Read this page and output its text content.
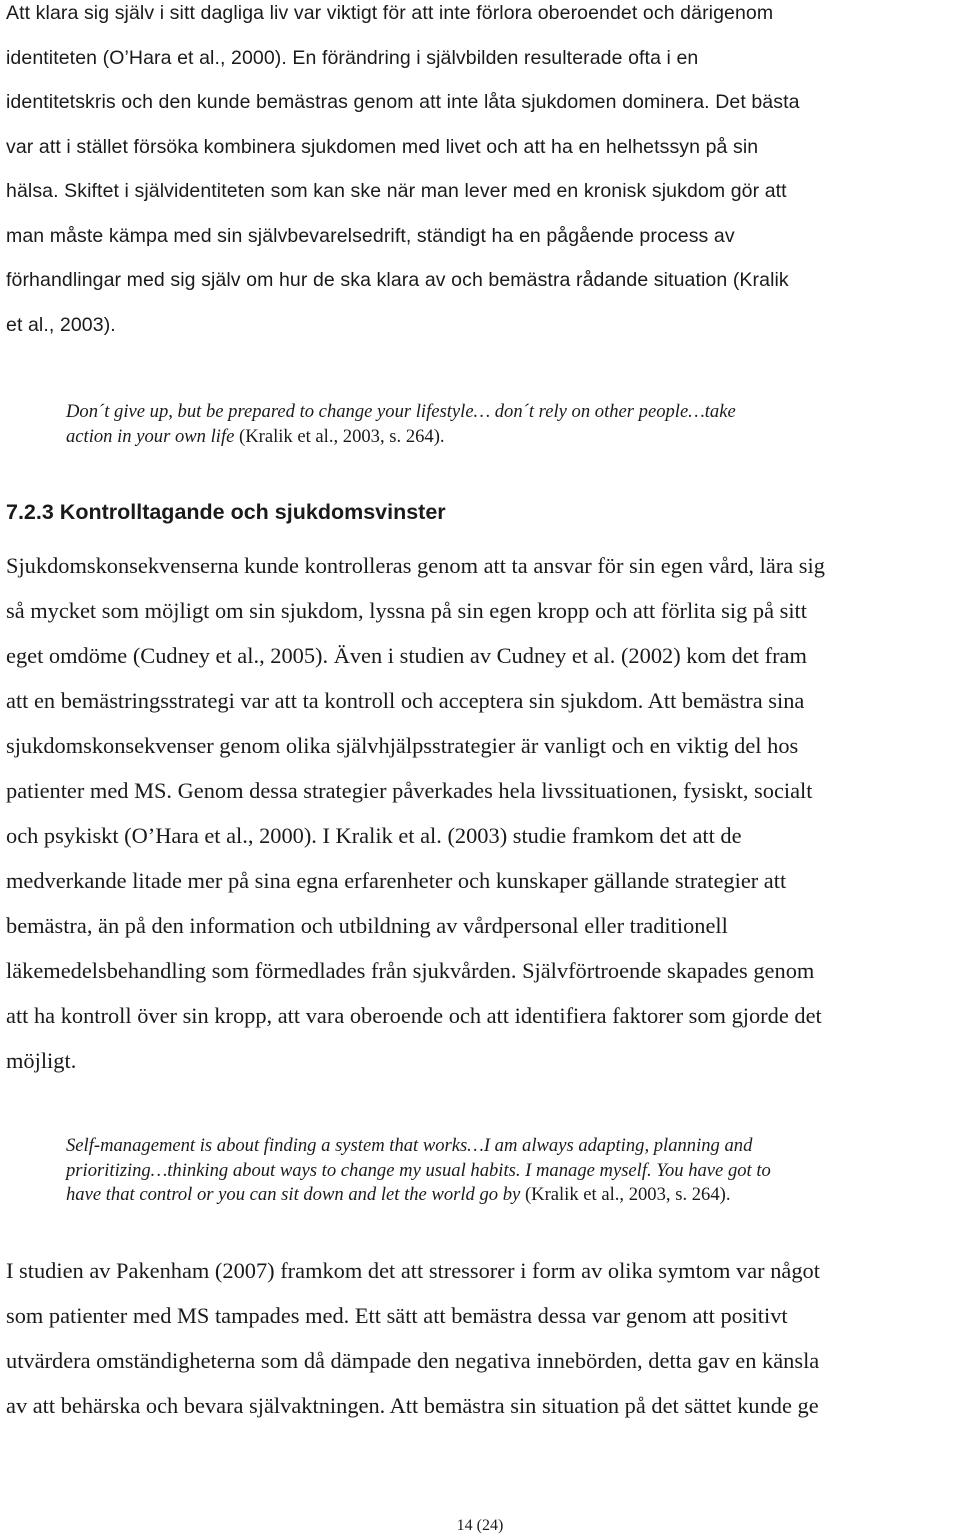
Att klara sig själv i sitt dagliga liv var viktigt för att inte förlora oberoendet och därigenom
identiteten (O’Hara et al., 2000). En förändring i självbilden resulterade ofta i en
identitetskris och den kunde bemästras genom att inte låta sjukdomen dominera. Det bästa
var att i stället försöka kombinera sjukdomen med livet och att ha en helhetssyn på sin
hälsa. Skiftet i självidentiteten som kan ske när man lever med en kronisk sjukdom gör att
man måste kämpa med sin självbevarelsedrift, ständigt ha en pågående process av
förhandlingar med sig själv om hur de ska klara av och bemästra rådande situation (Kralik
et al., 2003).

Don´t give up, but be prepared to change your lifestyle… don´t rely on other people…take
action in your own life (Kralik et al., 2003, s. 264).

7.2.3 Kontrolltagande och sjukdomsvinster

Sjukdomskonsekvenserna kunde kontrolleras genom att ta ansvar för sin egen vård, lära sig
så mycket som möjligt om sin sjukdom, lyssna på sin egen kropp och att förlita sig på sitt
eget omdöme (Cudney et al., 2005). Även i studien av Cudney et al. (2002) kom det fram
att en bemästringsstrategi var att ta kontroll och acceptera sin sjukdom. Att bemästra sina
sjukdomskonsekvenser genom olika självhjälpsstrategier är vanligt och en viktig del hos
patienter med MS. Genom dessa strategier påverkades hela livssituationen, fysiskt, socialt
och psykiskt (O’Hara et al., 2000). I Kralik et al. (2003) studie framkom det att de
medverkande litade mer på sina egna erfarenheter och kunskaper gällande strategier att
bemästra, än på den information och utbildning av vårdpersonal eller traditionell
läkemedelsbehandling som förmedlades från sjukvården. Självförtroende skapades genom
att ha kontroll över sin kropp, att vara oberoende och att identifiera faktorer som gjorde det
möjligt.

Self-management is about finding a system that works…I am always adapting, planning and
prioritizing…thinking about ways to change my usual habits. I manage myself. You have got to
have that control or you can sit down and let the world go by (Kralik et al., 2003, s. 264).

I studien av Pakenham (2007) framkom det att stressorer i form av olika symtom var något
som patienter med MS tampades med. Ett sätt att bemästra dessa var genom att positivt
utvärdera omständigheterna som då dämpade den negativa innebörden, detta gav en känsla
av att behärska och bevara självaktningen. Att bemästra sin situation på det sättet kunde ge

14 (24)
